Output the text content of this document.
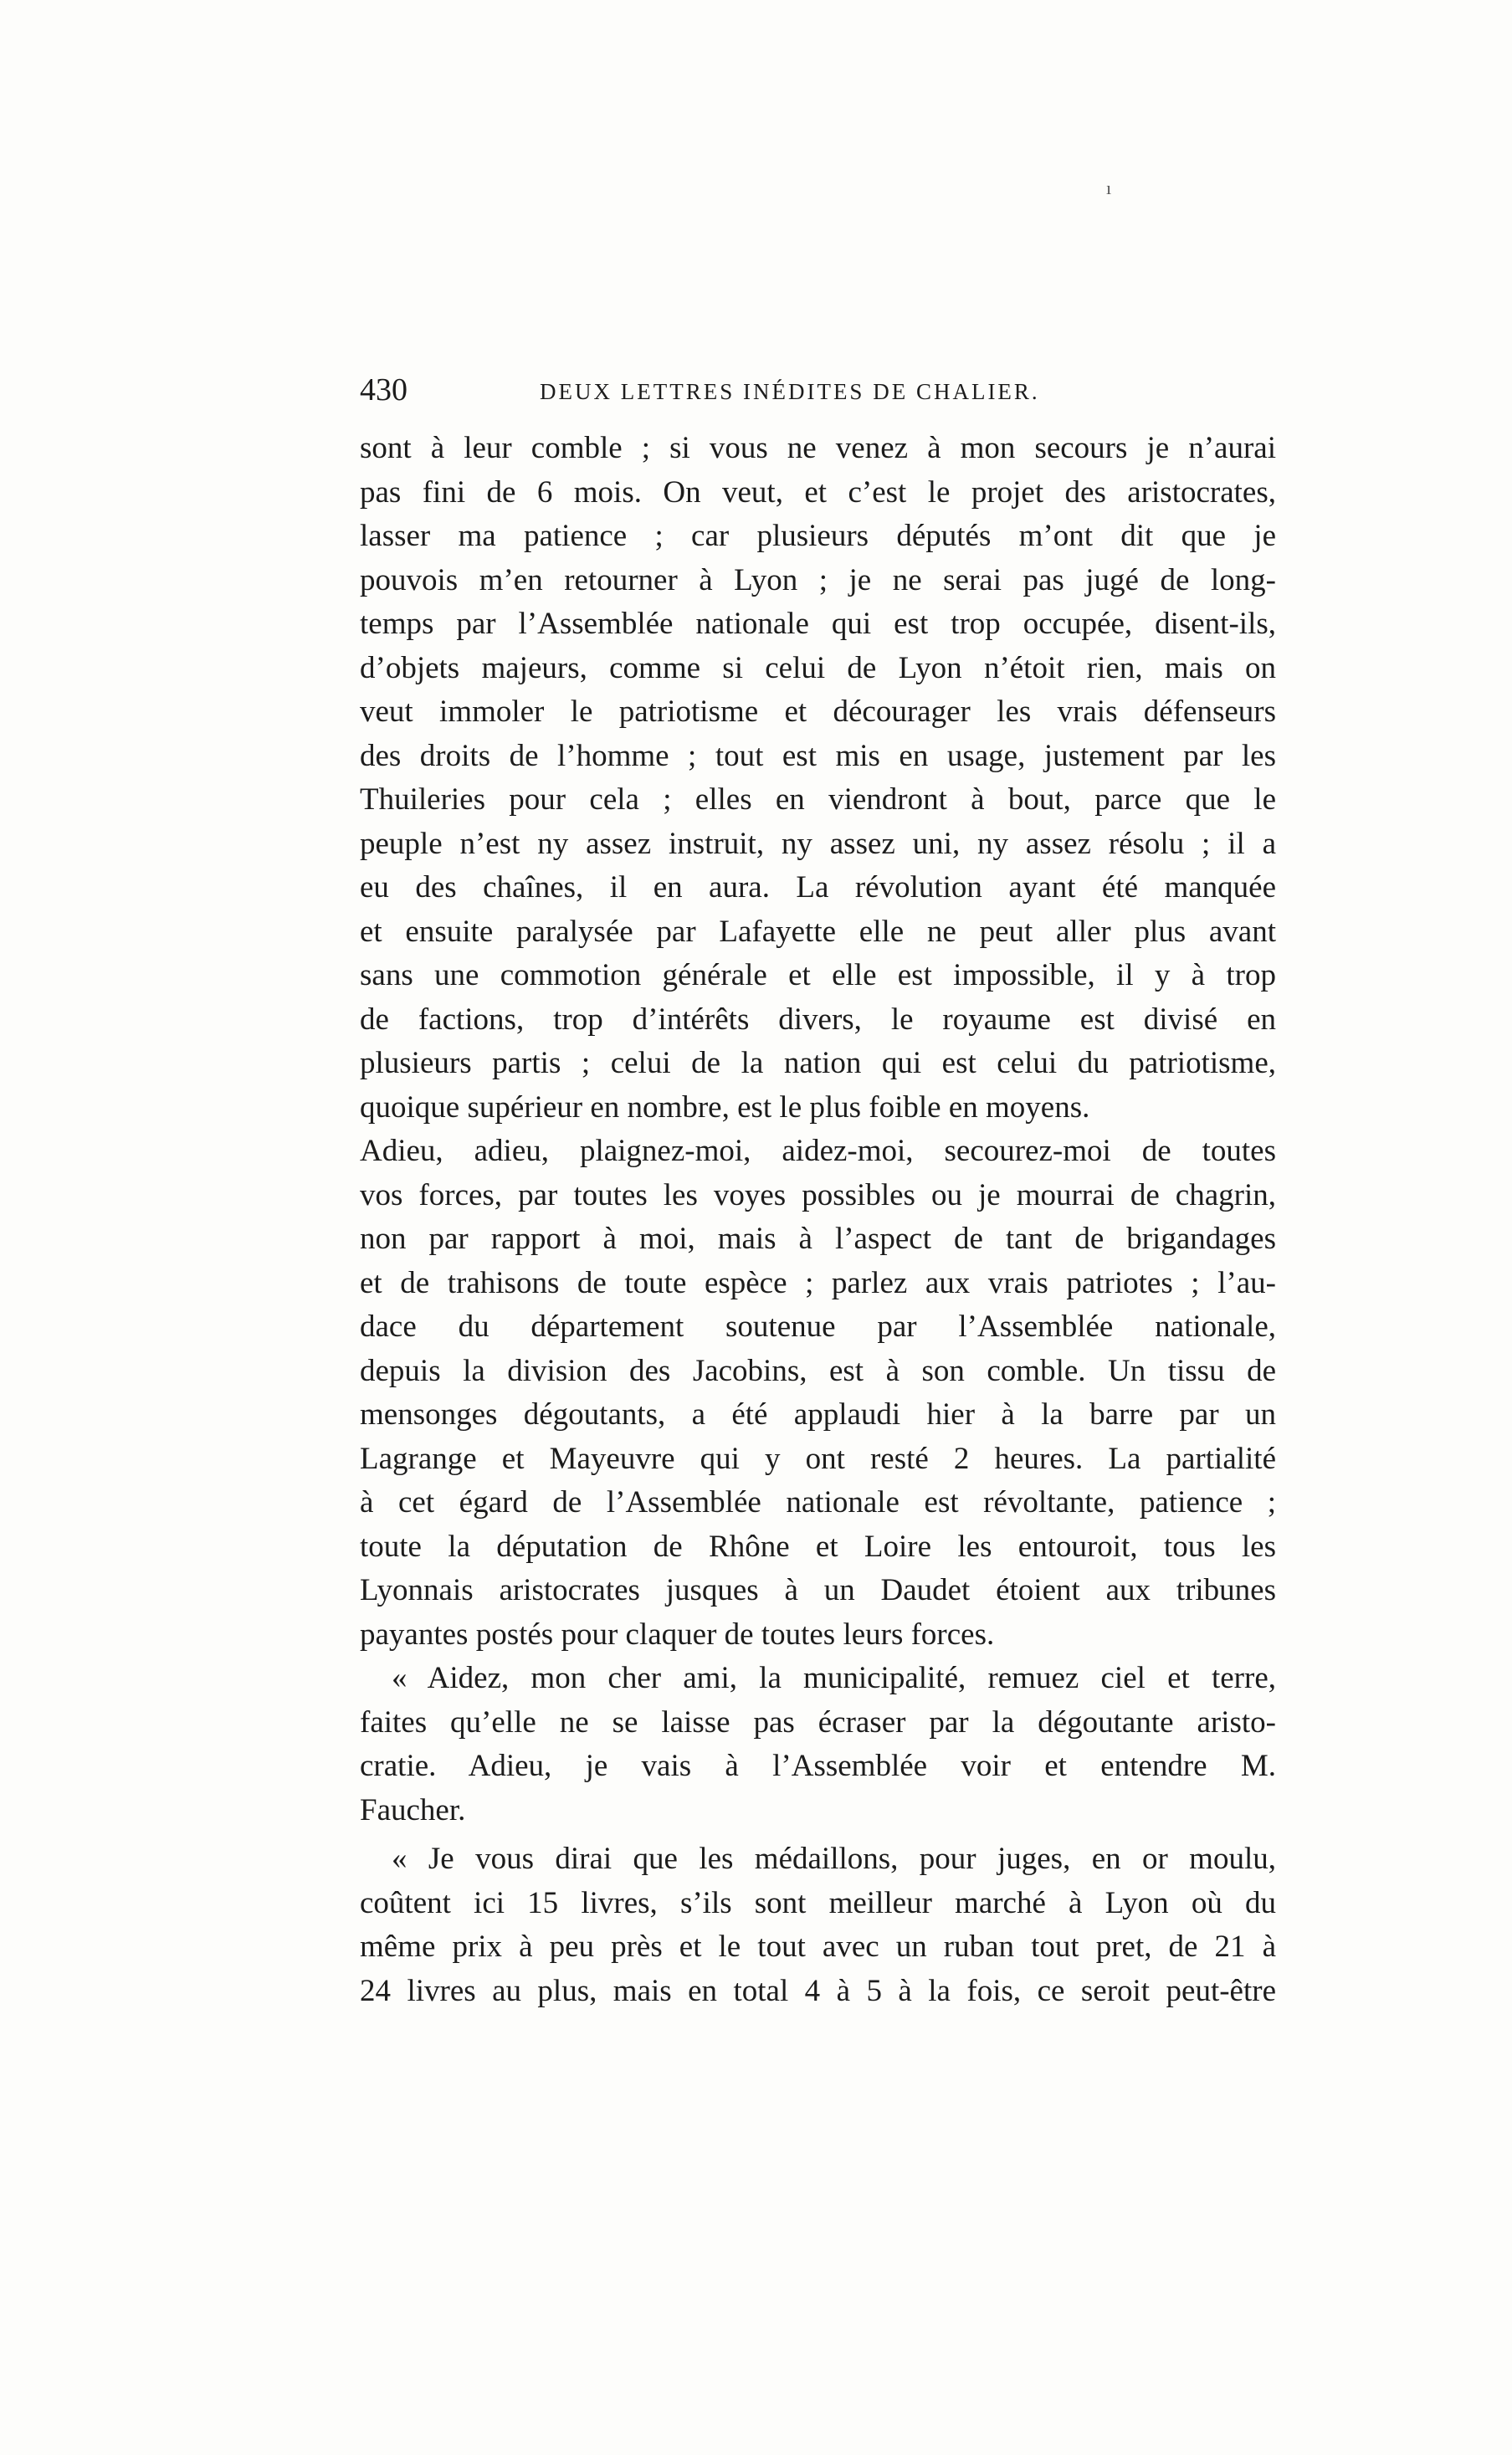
ı
430	DEUX LETTRES INÉDITES DE CHALIER.
sont à leur comble ; si vous ne venez à mon secours je n’aurai
pas fini de 6 mois. On veut, et c’est le projet des aristocrates,
lasser ma patience ; car plusieurs députés m’ont dit que je
pouvois m’en retourner à Lyon ; je ne serai pas jugé de long-
temps par l’Assemblée nationale qui est trop occupée, disent-ils,
d’objets majeurs, comme si celui de Lyon n’étoit rien, mais on
veut immoler le patriotisme et décourager les vrais défenseurs
des droits de l’homme ; tout est mis en usage, justement par les
Thuileries pour cela ; elles en viendront à bout, parce que le
peuple n’est ny assez instruit, ny assez uni, ny assez résolu ; il a
eu des chaînes, il en aura. La révolution ayant été manquée
et ensuite paralysée par Lafayette elle ne peut aller plus avant
sans une commotion générale et elle est impossible, il y à trop
de factions, trop d’intérêts divers, le royaume est divisé en
plusieurs partis ; celui de la nation qui est celui du patriotisme,
quoique supérieur en nombre, est le plus foible en moyens.
Adieu, adieu, plaignez-moi, aidez-moi, secourez-moi de toutes
vos forces, par toutes les voyes possibles ou je mourrai de chagrin,
non par rapport à moi, mais à l’aspect de tant de brigandages
et de trahisons de toute espèce ; parlez aux vrais patriotes ; l’au-
dace du département soutenue par l’Assemblée nationale,
depuis la division des Jacobins, est à son comble. Un tissu de
mensonges dégoutants, a été applaudi hier à la barre par un
Lagrange et Mayeuvre qui y ont resté 2 heures. La partialité
à cet égard de l’Assemblée nationale est révoltante, patience ;
toute la députation de Rhône et Loire les entouroit, tous les
Lyonnais aristocrates jusques à un Daudet étoient aux tribunes
payantes postés pour claquer de toutes leurs forces.
« Aidez, mon cher ami, la municipalité, remuez ciel et terre,
faites qu’elle ne se laisse pas écraser par la dégoutante aristo-
cratie. Adieu, je vais à l’Assemblée voir et entendre M.
Faucher.
« Je vous dirai que les médaillons, pour juges, en or moulu,
coûtent ici 15 livres, s’ils sont meilleur marché à Lyon où du
même prix à peu près et le tout avec un ruban tout pret, de 21 à
24 livres au plus, mais en total 4 à 5 à la fois, ce seroit peut-être
